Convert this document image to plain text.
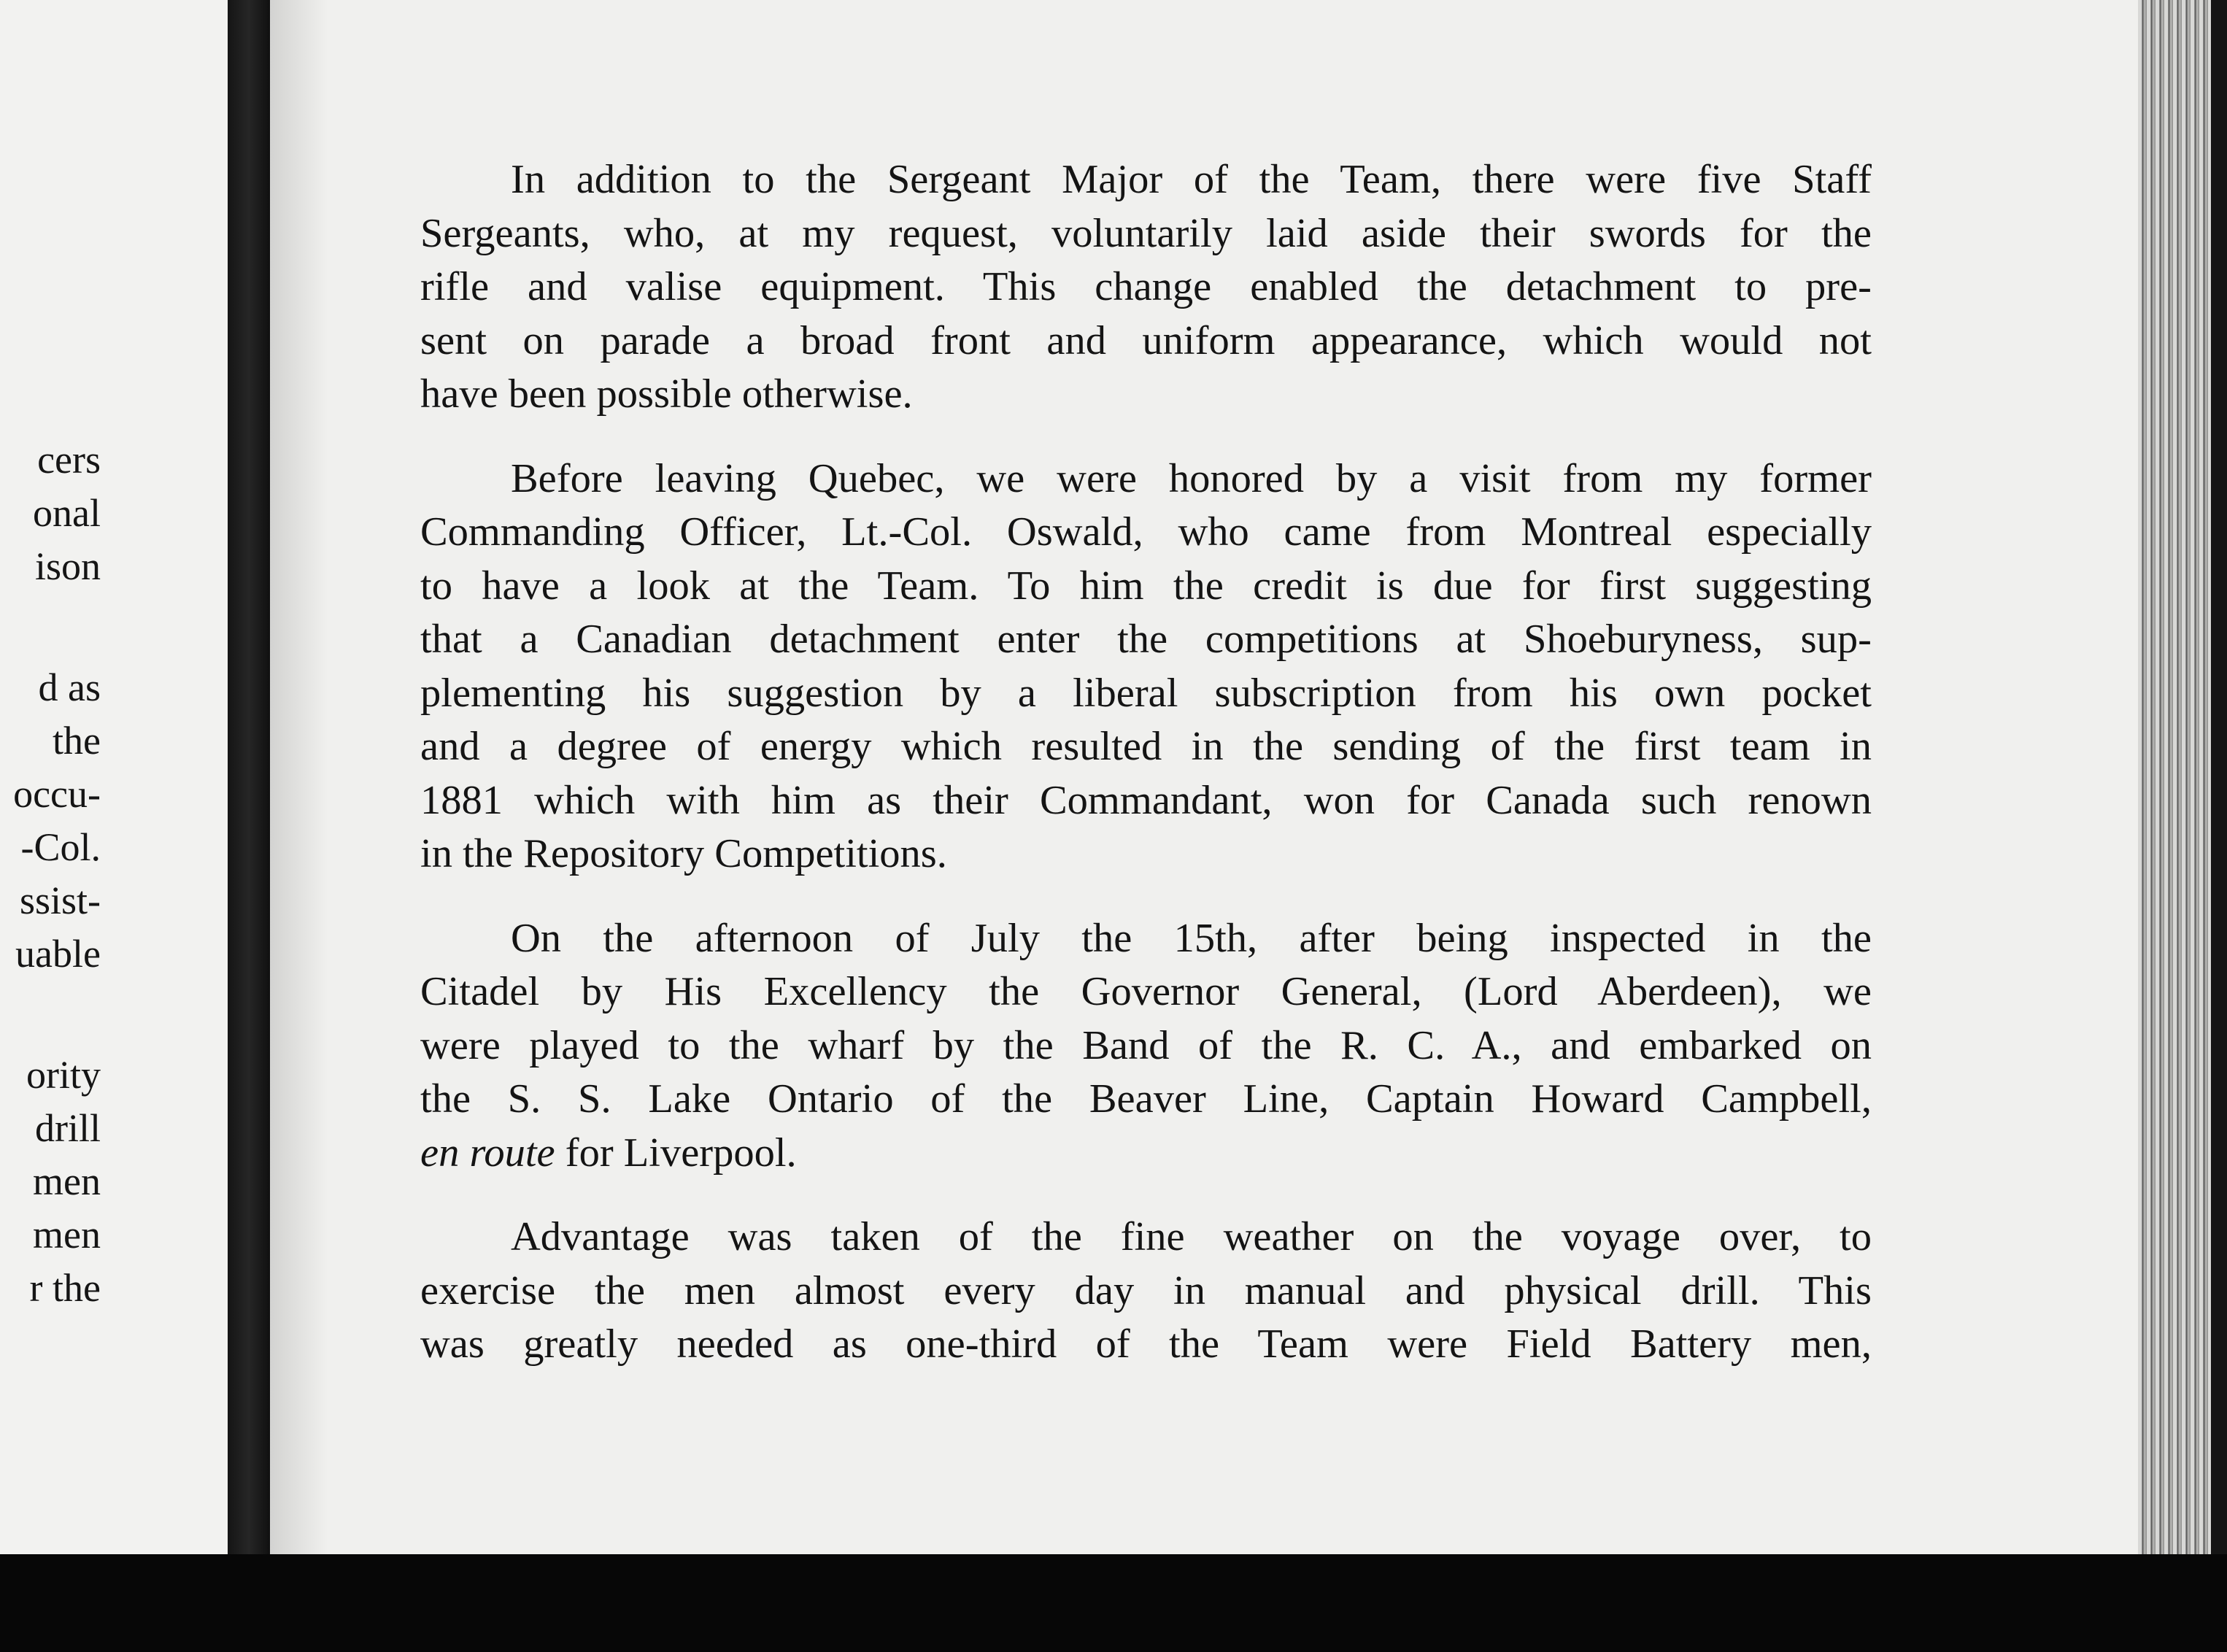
cers
onal
ison
d as
the
occu-
-Col.
ssist-
uable
ority
drill
men
men
r the

In addition to the Sergeant Major of the Team, there were five Staff
Sergeants, who, at my request, voluntarily laid aside their swords for the
rifle and valise equipment. This change enabled the detachment to pre-
sent on parade a broad front and uniform appearance, which would not
have been possible otherwise.

Before leaving Quebec, we were honored by a visit from my former
Commanding Officer, Lt.-Col. Oswald, who came from Montreal especially
to have a look at the Team. To him the credit is due for first suggesting
that a Canadian detachment enter the competitions at Shoeburyness, sup-
plementing his suggestion by a liberal subscription from his own pocket
and a degree of energy which resulted in the sending of the first team in
1881 which with him as their Commandant, won for Canada such renown
in the Repository Competitions.

On the afternoon of July the 15th, after being inspected in the
Citadel by His Excellency the Governor General, (Lord Aberdeen), we
were played to the wharf by the Band of the R. C. A., and embarked on
the S. S. Lake Ontario of the Beaver Line, Captain Howard Campbell,
en route for Liverpool.

Advantage was taken of the fine weather on the voyage over, to
exercise the men almost every day in manual and physical drill. This
was greatly needed as one-third of the Team were Field Battery men,
